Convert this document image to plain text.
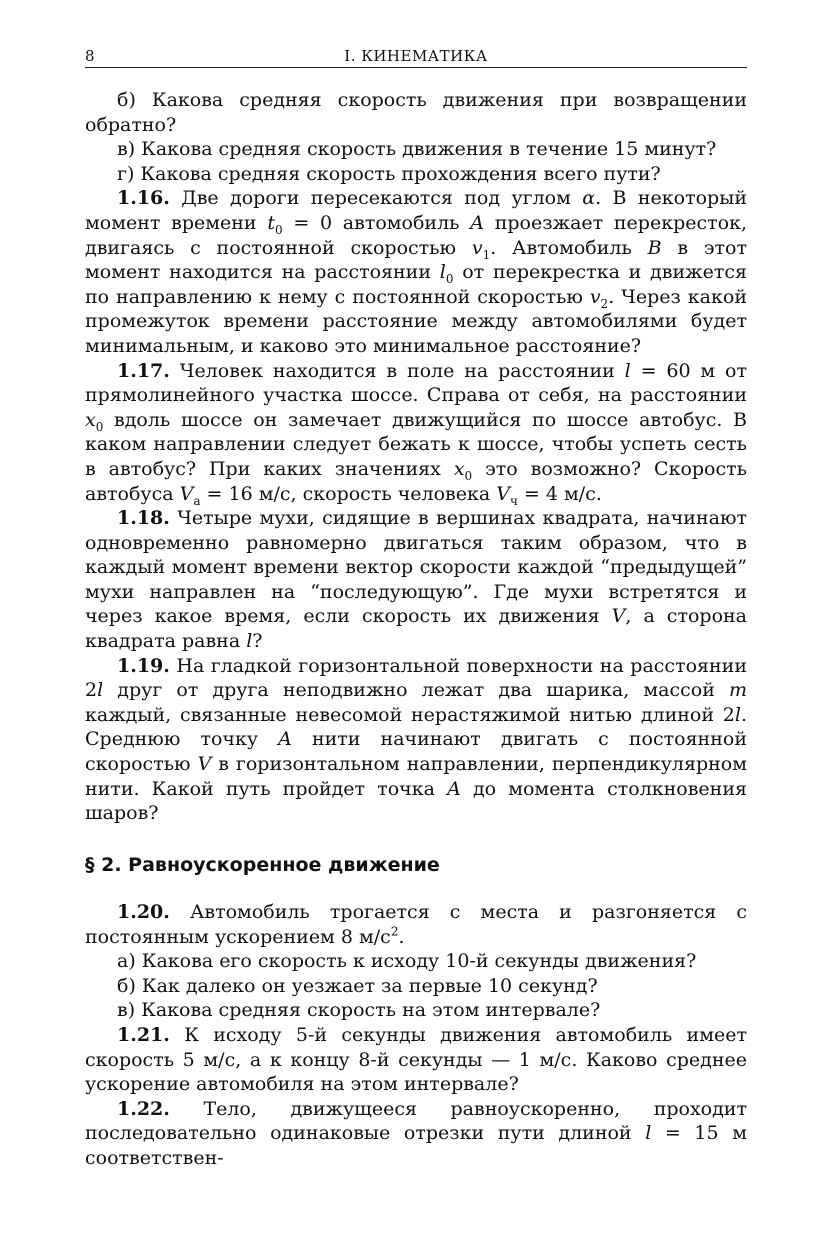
8	I. КИНЕМАТИКА

б) Какова средняя скорость движения при возвращении обратно?

в) Какова средняя скорость движения в течение 15 минут?

г) Какова средняя скорость прохождения всего пути?

1.16. Две дороги пересекаются под углом α. В некоторый момент времени $t_0 = 0$ автомобиль A проезжает перекресток, двигаясь с постоянной скоростью $v_1$. Автомобиль B в этот момент находится на расстоянии $l_0$ от перекрестка и движется по направлению к нему с постоянной скоростью $v_2$. Через какой промежуток времени расстояние между автомобилями будет минимальным, и каково это минимальное расстояние?

1.17. Человек находится в поле на расстоянии l = 60 м от прямолинейного участка шоссе. Справа от себя, на расстоянии $x_0$ вдоль шоссе он замечает движущийся по шоссе автобус. В каком направлении следует бежать к шоссе, чтобы успеть сесть в автобус? При каких значениях $x_0$ это возможно? Скорость автобуса $V_а = 16$ м/с, скорость человека $V_ч = 4$ м/с.

1.18. Четыре мухи, сидящие в вершинах квадрата, начинают одновременно равномерно двигаться таким образом, что в каждый момент времени вектор скорости каждой “предыдущей” мухи направлен на “последующую”. Где мухи встретятся и через какое время, если скорость их движения V, а сторона квадрата равна l?

1.19. На гладкой горизонтальной поверхности на расстоянии 2l друг от друга неподвижно лежат два шарика, массой m каждый, связанные невесомой нерастяжимой нитью длиной 2l. Среднюю точку A нити начинают двигать с постоянной скоростью V в горизонтальном направлении, перпендикулярном нити. Какой путь пройдет точка A до момента столкновения шаров?

§ 2. Равноускоренное движение

1.20. Автомобиль трогается с места и разгоняется с постоянным ускорением 8 $м/с^2$.

а) Какова его скорость к исходу 10-й секунды движения?

б) Как далеко он уезжает за первые 10 секунд?

в) Какова средняя скорость на этом интервале?

1.21. К исходу 5-й секунды движения автомобиль имеет скорость 5 м/с, а к концу 8-й секунды — 1 м/с. Каково среднее ускорение автомобиля на этом интервале?

1.22. Тело, движущееся равноускоренно, проходит последовательно одинаковые отрезки пути длиной l = 15 м соответствен-
